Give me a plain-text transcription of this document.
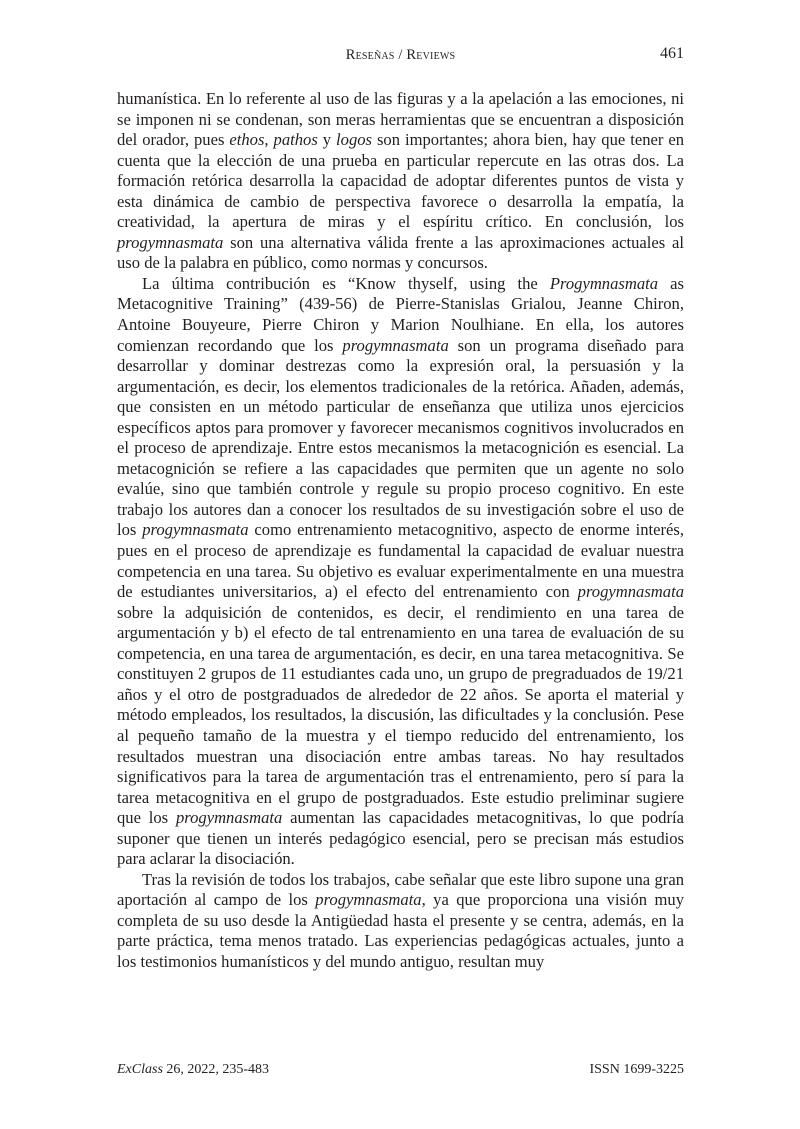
Reseñas / Reviews	461

humanística. En lo referente al uso de las figuras y a la apelación a las emociones, ni se imponen ni se condenan, son meras herramientas que se encuentran a disposición del orador, pues ethos, pathos y logos son importantes; ahora bien, hay que tener en cuenta que la elección de una prueba en particular repercute en las otras dos. La formación retórica desarrolla la capacidad de adoptar diferentes puntos de vista y esta dinámica de cambio de perspectiva favorece o desarrolla la empatía, la creatividad, la apertura de miras y el espíritu crítico. En conclusión, los progymnasmata son una alternativa válida frente a las aproximaciones actuales al uso de la palabra en público, como normas y concursos.

La última contribución es “Know thyself, using the Progymnasmata as Metacognitive Training” (439-56) de Pierre-Stanislas Grialou, Jeanne Chiron, Antoine Bouyeure, Pierre Chiron y Marion Noulhiane. En ella, los autores comienzan recordando que los progymnasmata son un programa diseñado para desarrollar y dominar destrezas como la expresión oral, la persuasión y la argumentación, es decir, los elementos tradicionales de la retórica. Añaden, además, que consisten en un método particular de enseñanza que utiliza unos ejercicios específicos aptos para promover y favorecer mecanismos cognitivos involucrados en el proceso de aprendizaje. Entre estos mecanismos la metacognición es esencial. La metacognición se refiere a las capacidades que permiten que un agente no solo evalúe, sino que también controle y regule su propio proceso cognitivo. En este trabajo los autores dan a conocer los resultados de su investigación sobre el uso de los progymnasmata como entrenamiento metacognitivo, aspecto de enorme interés, pues en el proceso de aprendizaje es fundamental la capacidad de evaluar nuestra competencia en una tarea. Su objetivo es evaluar experimentalmente en una muestra de estudiantes universitarios, a) el efecto del entrenamiento con progymnasmata sobre la adquisición de contenidos, es decir, el rendimiento en una tarea de argumentación y b) el efecto de tal entrenamiento en una tarea de evaluación de su competencia, en una tarea de argumentación, es decir, en una tarea metacognitiva. Se constituyen 2 grupos de 11 estudiantes cada uno, un grupo de pregraduados de 19/21 años y el otro de postgraduados de alrededor de 22 años. Se aporta el material y método empleados, los resultados, la discusión, las dificultades y la conclusión. Pese al pequeño tamaño de la muestra y el tiempo reducido del entrenamiento, los resultados muestran una disociación entre ambas tareas. No hay resultados significativos para la tarea de argumentación tras el entrenamiento, pero sí para la tarea metacognitiva en el grupo de postgraduados. Este estudio preliminar sugiere que los progymnasmata aumentan las capacidades metacognitivas, lo que podría suponer que tienen un interés pedagógico esencial, pero se precisan más estudios para aclarar la disociación.

Tras la revisión de todos los trabajos, cabe señalar que este libro supone una gran aportación al campo de los progymnasmata, ya que proporciona una visión muy completa de su uso desde la Antigüedad hasta el presente y se centra, además, en la parte práctica, tema menos tratado. Las experiencias pedagógicas actuales, junto a los testimonios humanísticos y del mundo antiguo, resultan muy

ExClass 26, 2022, 235-483	ISSN 1699-3225
